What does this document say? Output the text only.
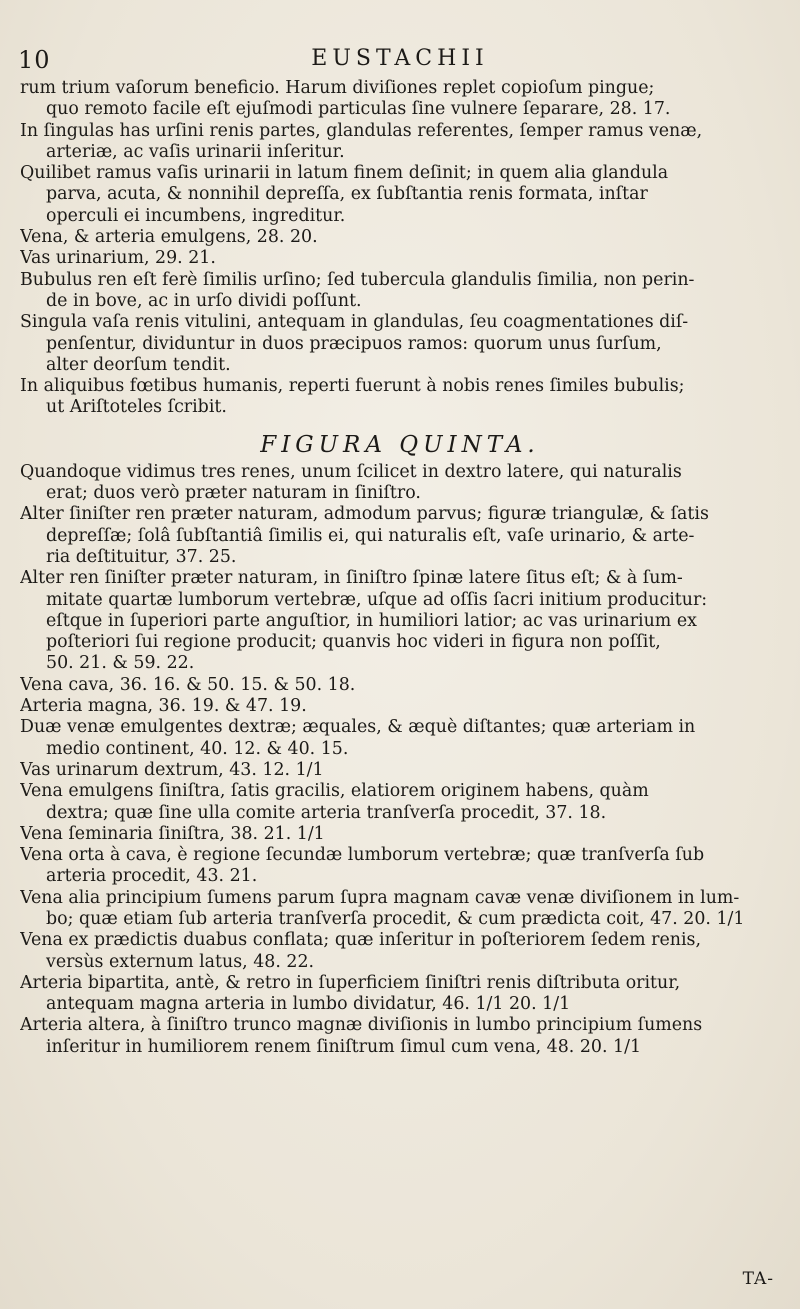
10	EUSTACHII

rum trium vaſorum beneficio. Harum diviſiones replet copioſum pingue;
quo remoto facile eſt ejuſmodi particulas ſine vulnere ſeparare, 28. 17.

In ſingulas has urſini renis partes, glandulas referentes, ſemper ramus venæ,
arteriæ, ac vaſis urinarii inſeritur.

Quilibet ramus vaſis urinarii in latum finem deſinit; in quem alia glandula
parva, acuta, & nonnihil depreſſa, ex ſubſtantia renis formata, inſtar
operculi ei incumbens, ingreditur.

Vena, & arteria emulgens, 28. 20.

Vas urinarium, 29. 21.

Bubulus ren eſt ferè ſimilis urſino; ſed tubercula glandulis ſimilia, non perin-
de in bove, ac in urſo dividi poſſunt.

Singula vaſa renis vitulini, antequam in glandulas, ſeu coagmentationes diſ-
penſentur, dividuntur in duos præcipuos ramos: quorum unus ſurſum,
alter deorſum tendit.

In aliquibus fœtibus humanis, reperti fuerunt à nobis renes ſimiles bubulis;
ut Ariſtoteles ſcribit.

FIGURA QUINTA.

Quandoque vidimus tres renes, unum ſcilicet in dextro latere, qui naturalis
erat; duos verò præter naturam in ſiniſtro.

Alter ſiniſter ren præter naturam, admodum parvus; figuræ triangulæ, & ſatis
depreſſæ; ſolâ ſubſtantiâ ſimilis ei, qui naturalis eſt, vaſe urinario, & arte-
ria deſtituitur, 37. 25.

Alter ren ſiniſter præter naturam, in ſiniſtro ſpinæ latere ſitus eſt; & à ſum-
mitate quartæ lumborum vertebræ, uſque ad oſſis ſacri initium producitur:
eſtque in ſuperiori parte anguſtior, in humiliori latior; ac vas urinarium ex
poſteriori ſui regione producit; quanvis hoc videri in figura non poſſit,
50. 21. & 59. 22.

Vena cava, 36. 16. & 50. 15. & 50. 18.

Arteria magna, 36. 19. & 47. 19.

Duæ venæ emulgentes dextræ; æquales, & æquè diſtantes; quæ arteriam in
medio continent, 40. 12. & 40. 15.

Vas urinarum dextrum, 43. 12. 1/1

Vena emulgens ſiniſtra, ſatis gracilis, elatiorem originem habens, quàm
dextra; quæ ſine ulla comite arteria tranſverſa procedit, 37. 18.

Vena ſeminaria ſiniſtra, 38. 21. 1/1

Vena orta à cava, è regione ſecundæ lumborum vertebræ; quæ tranſverſa ſub
arteria procedit, 43. 21.

Vena alia principium ſumens parum ſupra magnam cavæ venæ diviſionem in lum-
bo; quæ etiam ſub arteria tranſverſa procedit, & cum prædicta coit, 47. 20. 1/1

Vena ex prædictis duabus conflata; quæ inſeritur in poſteriorem ſedem renis,
versùs externum latus, 48. 22.

Arteria bipartita, antè, & retro in ſuperficiem ſiniſtri renis diſtributa oritur,
antequam magna arteria in lumbo dividatur, 46. 1/1 20. 1/1

Arteria altera, à ſiniſtro trunco magnæ diviſionis in lumbo principium ſumens
inſeritur in humiliorem renem ſiniſtrum ſimul cum vena, 48. 20. 1/1

TA-
